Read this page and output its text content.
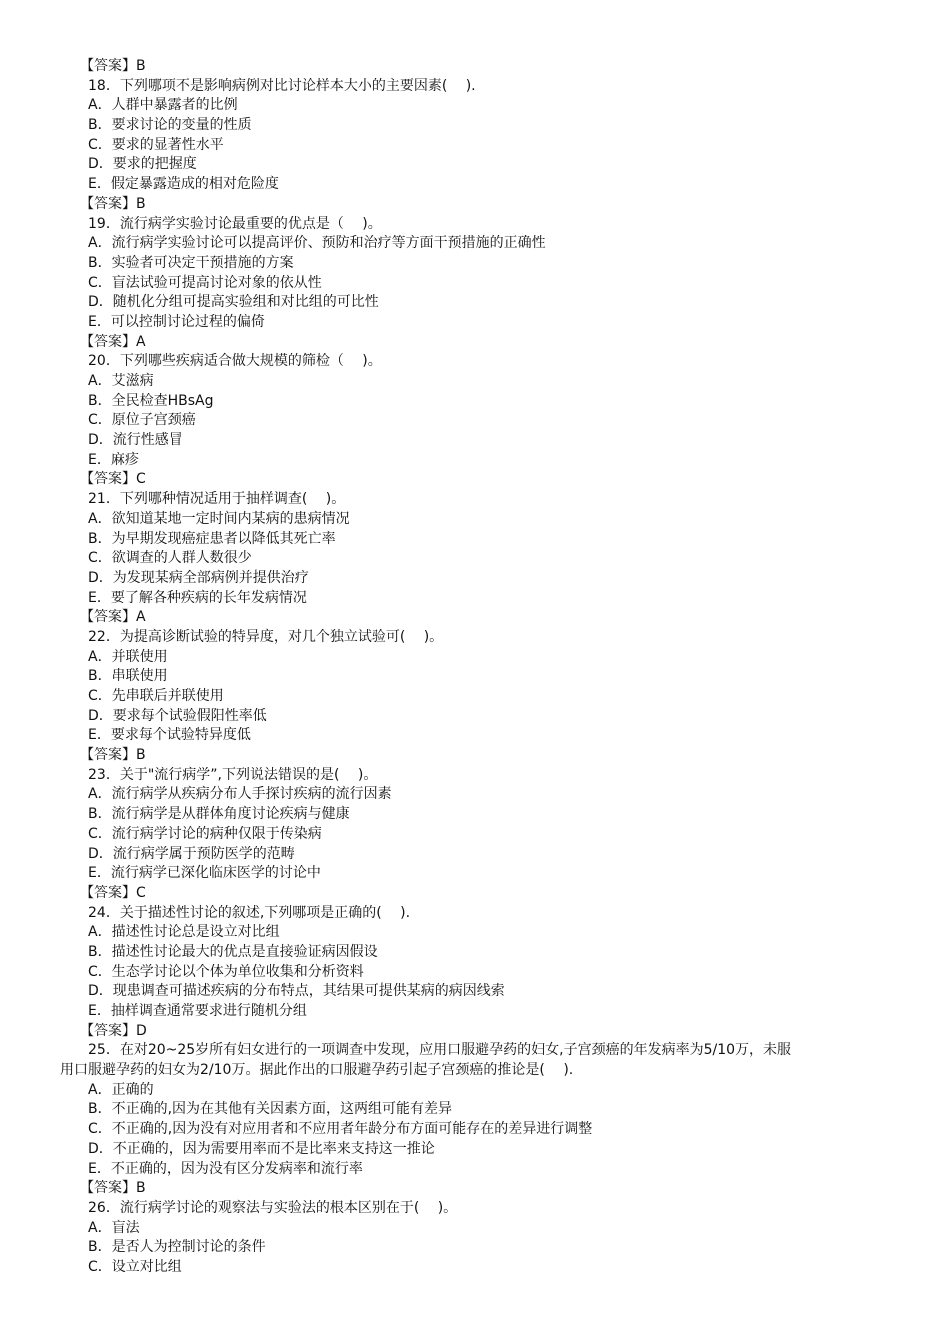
【答案】B
18．下列哪项不是影响病例对比讨论样本大小的主要因素(　 ).
A．人群中暴露者的比例
B．要求讨论的变量的性质
C．要求的显著性水平
D．要求的把握度
E．假定暴露造成的相对危险度
【答案】B
19．流行病学实验讨论最重要的优点是（　 )。
A．流行病学实验讨论可以提高评价、预防和治疗等方面干预措施的正确性
B．实验者可决定干预措施的方案
C．盲法试验可提高讨论对象的依从性
D．随机化分组可提高实验组和对比组的可比性
E．可以控制讨论过程的偏倚
【答案】A
20．下列哪些疾病适合做大规模的筛检（　 )。
A．艾滋病
B．全民检查HBsAg
C．原位子宫颈癌
D．流行性感冒
E．麻疹
【答案】C
21．下列哪种情况适用于抽样调查(　 )。
A．欲知道某地一定时间内某病的患病情况
B．为早期发现癌症患者以降低其死亡率
C．欲调查的人群人数很少
D．为发现某病全部病例并提供治疗
E．要了解各种疾病的长年发病情况
【答案】A
22．为提高诊断试验的特异度，对几个独立试验可(　 )。
A．并联使用
B．串联使用
C．先串联后并联使用
D．要求每个试验假阳性率低
E．要求每个试验特异度低
【答案】B
23．关于"流行病学”,下列说法错误的是(　 )。
A．流行病学从疾病分布人手探讨疾病的流行因素
B．流行病学是从群体角度讨论疾病与健康
C．流行病学讨论的病种仅限于传染病
D．流行病学属于预防医学的范畴
E．流行病学已深化临床医学的讨论中
【答案】C
24．关于描述性讨论的叙述,下列哪项是正确的(　 ).
A．描述性讨论总是设立对比组
B．描述性讨论最大的优点是直接验证病因假设
C．生态学讨论以个体为单位收集和分析资料
D．现患调查可描述疾病的分布特点，其结果可提供某病的病因线索
E．抽样调查通常要求进行随机分组
【答案】D
25．在对20~25岁所有妇女进行的一项调查中发现，应用口服避孕药的妇女,子宫颈癌的年发病率为5/10万，未服
用口服避孕药的妇女为2/10万。据此作出的口服避孕药引起子宫颈癌的推论是(　 ).
A．正确的
B．不正确的,因为在其他有关因素方面，这两组可能有差异
C．不正确的,因为没有对应用者和不应用者年龄分布方面可能存在的差异进行调整
D．不正确的，因为需要用率而不是比率来支持这一推论
E．不正确的，因为没有区分发病率和流行率
【答案】B
26．流行病学讨论的观察法与实验法的根本区别在于(　 )。
A．盲法
B．是否人为控制讨论的条件
C．设立对比组
